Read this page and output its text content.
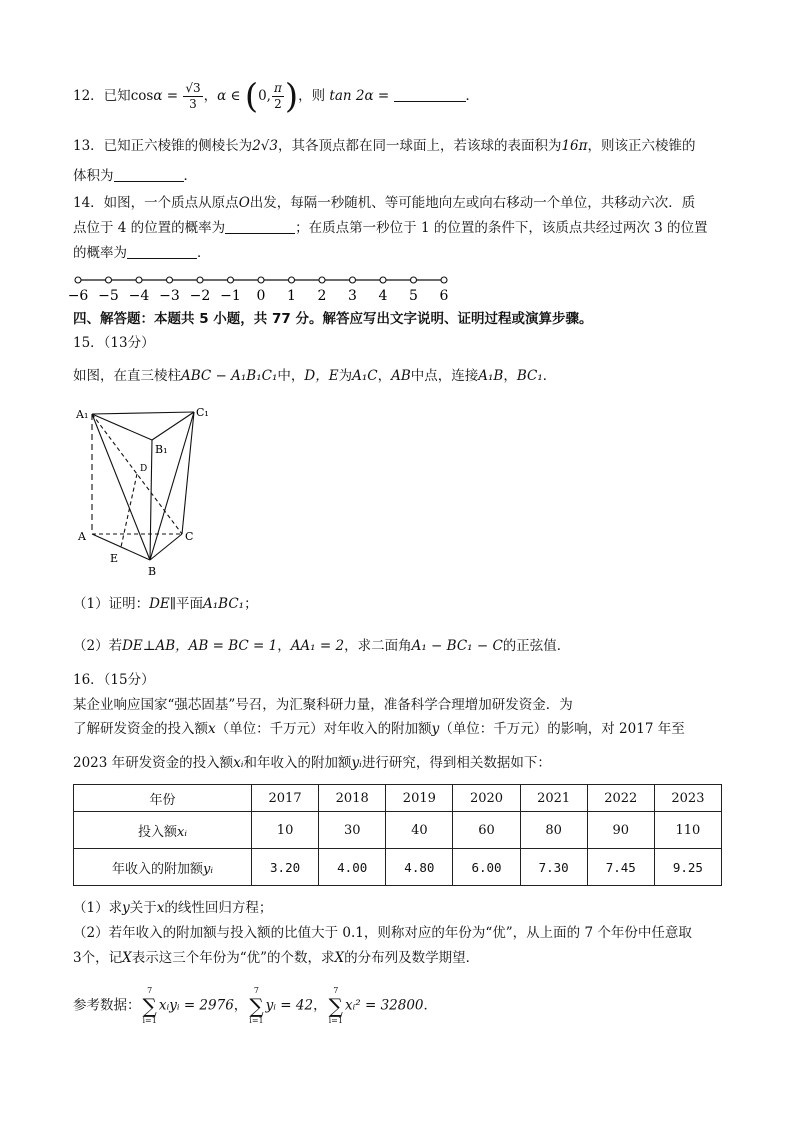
12．已知$\cos\alpha = \frac{√3}{3}$ ，α ∈ (0, $\frac{\pi}{2}$ )，则 tan 2α =	．
13．已知正六棱锥的侧棱长为2√3，其各顶点都在同一球面上，若该球的表面积为16π，则该正六棱锥的
体积为	．
14．如图，一个质点从原点O出发，每隔一秒随机、等可能地向左或向右移动一个单位，共移动六次．质
点位于 4 的位置的概率为	；在质点第一秒位于 1 的位置的条件下，该质点共经过两次 3 的位置
的概率为	．
−6 −5 −4 −3 −2 −1 0 1 2 3 4 5 6
四、解答题：本题共 5 小题，共 77 分。解答应写出文字说明、证明过程或演算步骤。
15．（13分）
如图，在直三棱柱ABC − A₁B₁C₁中，D，E为A₁C，AB中点，连接A₁B，BC₁．
A₁	C₁
B₁
A	C
B
D
E
（1）证明：DE∥平面A₁BC₁；
（2）若DE⊥AB，AB = BC = 1，AA₁ = 2，求二面角A₁ − BC₁ − C的正弦值．
16．（15分）
某企业响应国家“强芯固基”号召，为汇聚科研力量，准备科学合理增加研发资金．为
了解研发资金的投入额x（单位：千万元）对年收入的附加额y（单位：千万元）的影响，对 2017 年至
2023 年研发资金的投入额xᵢ和年收入的附加额yᵢ进行研究，得到相关数据如下：
年份	2017	2018	2019	2020	2021	2022	2023
投入额xᵢ	10	30	40	60	80	90	110
年收入的附加额yᵢ	3.20	4.00	4.80	6.00	7.30	7.45	9.25
（1）求y关于x的线性回归方程；
（2）若年收入的附加额与投入额的比值大于 0.1，则称对应的年份为“优”，从上面的 7 个年份中任意取
3个，记X表示这三个年份为“优”的个数，求X的分布列及数学期望．
参考数据：
7
∑
i=1
xᵢyᵢ = 2976，
7
∑
i=1
yᵢ = 42，
7
∑
i=1
xᵢ² = 32800．
